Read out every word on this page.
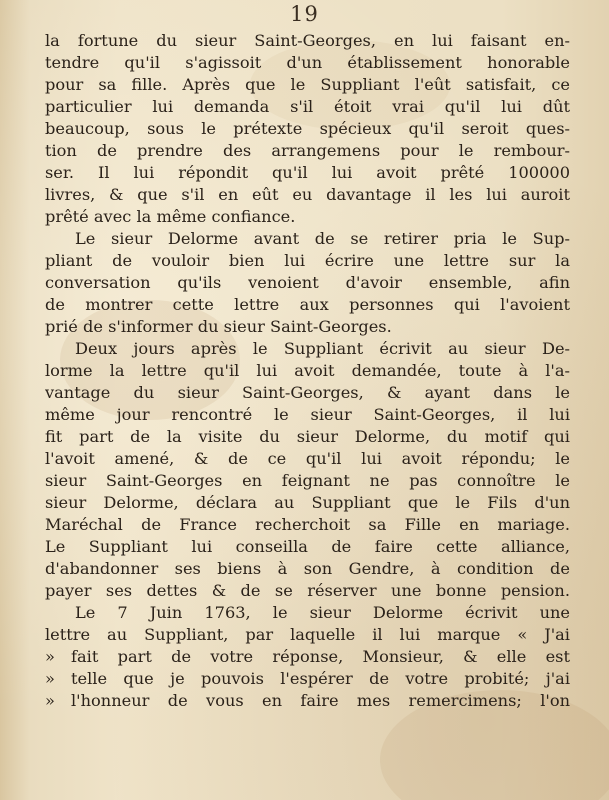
19
la fortune du sieur Saint-Georges, en lui faisant en-
tendre qu'il s'agissoit d'un établissement honorable
pour sa fille. Après que le Suppliant l'eût satisfait, ce
particulier lui demanda s'il étoit vrai qu'il lui dût
beaucoup, sous le prétexte spécieux qu'il seroit ques-
tion de prendre des arrangemens pour le rembour-
ser. Il lui répondit qu'il lui avoit prêté 100000
livres, & que s'il en eût eu davantage il les lui auroit
prêté avec la même confiance.
Le sieur Delorme avant de se retirer pria le Sup-
pliant de vouloir bien lui écrire une lettre sur la
conversation qu'ils venoient d'avoir ensemble, afin
de montrer cette lettre aux personnes qui l'avoient
prié de s'informer du sieur Saint-Georges.
Deux jours après le Suppliant écrivit au sieur De-
lorme la lettre qu'il lui avoit demandée, toute à l'a-
vantage du sieur Saint-Georges, & ayant dans le
même jour rencontré le sieur Saint-Georges, il lui
fit part de la visite du sieur Delorme, du motif qui
l'avoit amené, & de ce qu'il lui avoit répondu; le
sieur Saint-Georges en feignant ne pas connoître le
sieur Delorme, déclara au Suppliant que le Fils d'un
Maréchal de France recherchoit sa Fille en mariage.
Le Suppliant lui conseilla de faire cette alliance,
d'abandonner ses biens à son Gendre, à condition de
payer ses dettes & de se réserver une bonne pension.
Le 7 Juin 1763, le sieur Delorme écrivit une
lettre au Suppliant, par laquelle il lui marque « J'ai
» fait part de votre réponse, Monsieur, & elle est
» telle que je pouvois l'espérer de votre probité; j'ai
» l'honneur de vous en faire mes remercimens; l'on
